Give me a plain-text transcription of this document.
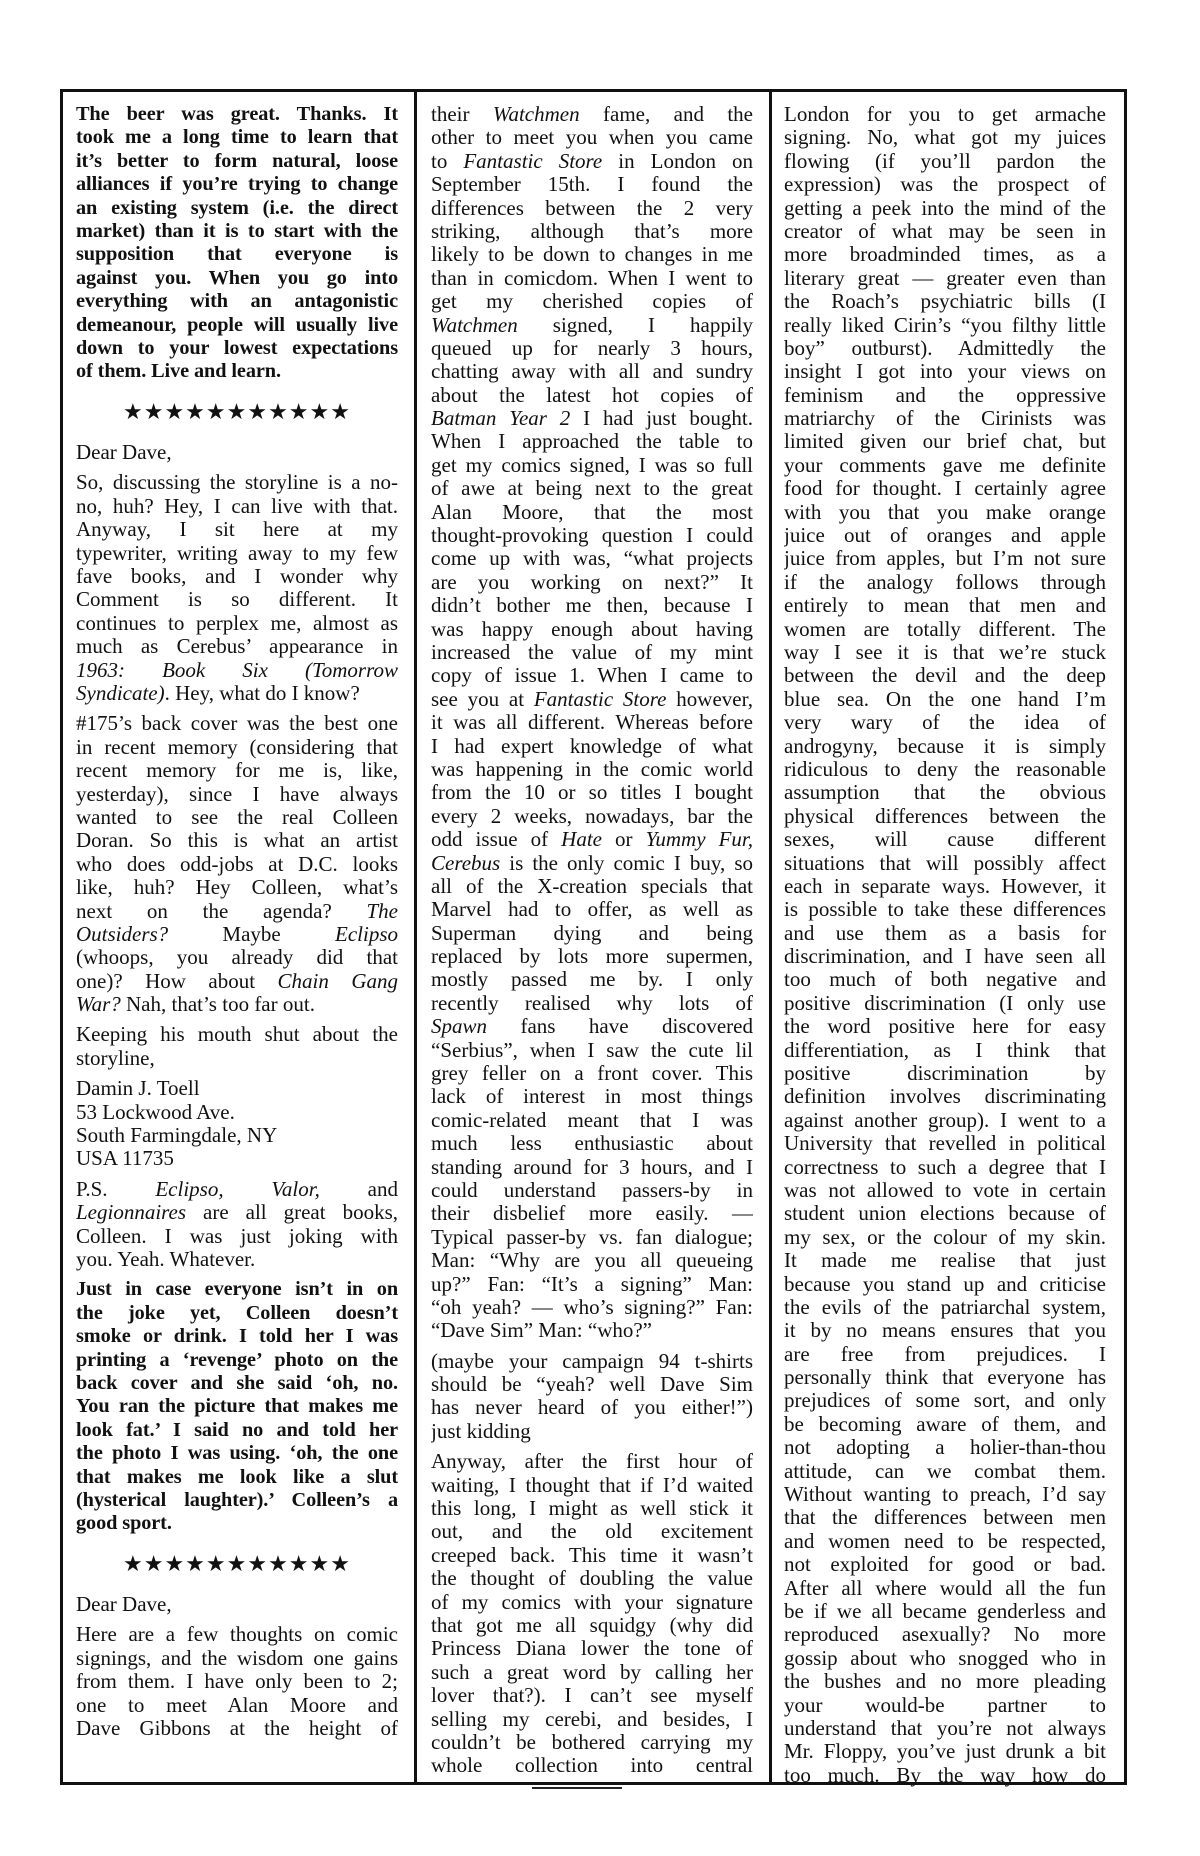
The beer was great. Thanks. It
took me a long time to learn that
it’s better to form natural, loose
alliances if you’re trying to change
an existing system (i.e. the direct
market) than it is to start with the
supposition that everyone is
against you. When you go into
everything with an antagonistic
demeanour, people will usually live
down to your lowest expectations
of them. Live and learn.
★★★★★★★★★★★
Dear Dave,
So, discussing the storyline is a no-
no, huh? Hey, I can live with that.
Anyway, I sit here at my
typewriter, writing away to my few
fave books, and I wonder why
Comment is so different. It
continues to perplex me, almost as
much as Cerebus’ appearance in
1963: Book Six (Tomorrow
Syndicate). Hey, what do I know?
#175’s back cover was the best one
in recent memory (considering that
recent memory for me is, like,
yesterday), since I have always
wanted to see the real Colleen
Doran. So this is what an artist
who does odd-jobs at D.C. looks
like, huh? Hey Colleen, what’s
next on the agenda? The
Outsiders? Maybe Eclipso
(whoops, you already did that
one)? How about Chain Gang
War? Nah, that’s too far out.
Keeping his mouth shut about the
storyline,
Damin J. Toell
53 Lockwood Ave.
South Farmingdale, NY
USA 11735
P.S. Eclipso, Valor, and
Legionnaires are all great books,
Colleen. I was just joking with
you. Yeah. Whatever.
Just in case everyone isn’t in on
the joke yet, Colleen doesn’t
smoke or drink. I told her I was
printing a ‘revenge’ photo on the
back cover and she said ‘oh, no.
You ran the picture that makes me
look fat.’ I said no and told her
the photo I was using. ‘oh, the one
that makes me look like a slut
(hysterical laughter).’ Colleen’s a
good sport.
★★★★★★★★★★★
Dear Dave,
Here are a few thoughts on comic
signings, and the wisdom one gains
from them. I have only been to 2;
one to meet Alan Moore and
Dave Gibbons at the height of
their Watchmen fame, and the
other to meet you when you came
to Fantastic Store in London on
September 15th. I found the
differences between the 2 very
striking, although that’s more
likely to be down to changes in me
than in comicdom. When I went to
get my cherished copies of
Watchmen signed, I happily
queued up for nearly 3 hours,
chatting away with all and sundry
about the latest hot copies of
Batman Year 2 I had just bought.
When I approached the table to
get my comics signed, I was so full
of awe at being next to the great
Alan Moore, that the most
thought-provoking question I could
come up with was, “what projects
are you working on next?” It
didn’t bother me then, because I
was happy enough about having
increased the value of my mint
copy of issue 1. When I came to
see you at Fantastic Store however,
it was all different. Whereas before
I had expert knowledge of what
was happening in the comic world
from the 10 or so titles I bought
every 2 weeks, nowadays, bar the
odd issue of Hate or Yummy Fur,
Cerebus is the only comic I buy, so
all of the X-creation specials that
Marvel had to offer, as well as
Superman dying and being
replaced by lots more supermen,
mostly passed me by. I only
recently realised why lots of
Spawn fans have discovered
“Serbius”, when I saw the cute lil
grey feller on a front cover. This
lack of interest in most things
comic-related meant that I was
much less enthusiastic about
standing around for 3 hours, and I
could understand passers-by in
their disbelief more easily. —
Typical passer-by vs. fan dialogue;
Man: “Why are you all queueing
up?” Fan: “It’s a signing” Man:
“oh yeah? — who’s signing?” Fan:
“Dave Sim” Man: “who?”
(maybe your campaign 94 t-shirts
should be “yeah? well Dave Sim
has never heard of you either!”)
just kidding
Anyway, after the first hour of
waiting, I thought that if I’d waited
this long, I might as well stick it
out, and the old excitement
creeped back. This time it wasn’t
the thought of doubling the value
of my comics with your signature
that got me all squidgy (why did
Princess Diana lower the tone of
such a great word by calling her
lover that?). I can’t see myself
selling my cerebi, and besides, I
couldn’t be bothered carrying my
whole collection into central
London for you to get armache
signing. No, what got my juices
flowing (if you’ll pardon the
expression) was the prospect of
getting a peek into the mind of the
creator of what may be seen in
more broadminded times, as a
literary great — greater even than
the Roach’s psychiatric bills (I
really liked Cirin’s “you filthy little
boy” outburst). Admittedly the
insight I got into your views on
feminism and the oppressive
matriarchy of the Cirinists was
limited given our brief chat, but
your comments gave me definite
food for thought. I certainly agree
with you that you make orange
juice out of oranges and apple
juice from apples, but I’m not sure
if the analogy follows through
entirely to mean that men and
women are totally different. The
way I see it is that we’re stuck
between the devil and the deep
blue sea. On the one hand I’m
very wary of the idea of
androgyny, because it is simply
ridiculous to deny the reasonable
assumption that the obvious
physical differences between the
sexes, will cause different
situations that will possibly affect
each in separate ways. However, it
is possible to take these differences
and use them as a basis for
discrimination, and I have seen all
too much of both negative and
positive discrimination (I only use
the word positive here for easy
differentiation, as I think that
positive discrimination by
definition involves discriminating
against another group). I went to a
University that revelled in political
correctness to such a degree that I
was not allowed to vote in certain
student union elections because of
my sex, or the colour of my skin.
It made me realise that just
because you stand up and criticise
the evils of the patriarchal system,
it by no means ensures that you
are free from prejudices. I
personally think that everyone has
prejudices of some sort, and only
be becoming aware of them, and
not adopting a holier-than-thou
attitude, can we combat them.
Without wanting to preach, I’d say
that the differences between men
and women need to be respected,
not exploited for good or bad.
After all where would all the fun
be if we all became genderless and
reproduced asexually? No more
gossip about who snogged who in
the bushes and no more pleading
your would-be partner to
understand that you’re not always
Mr. Floppy, you’ve just drunk a bit
too much. By the way how do
